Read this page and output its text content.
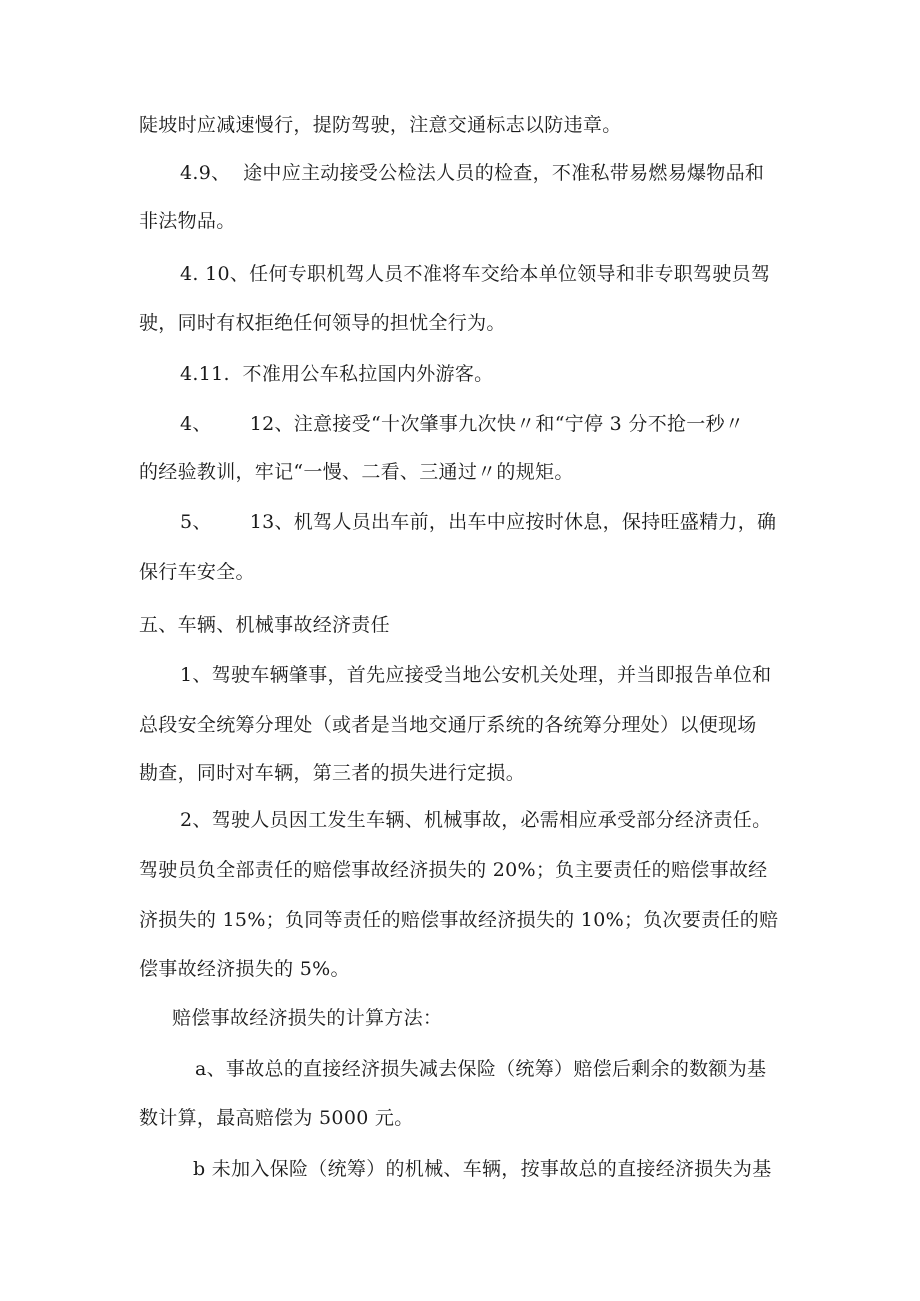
陡坡时应减速慢行，提防驾驶，注意交通标志以防违章。
4.9、  途中应主动接受公检法人员的检查，不准私带易燃易爆物品和
非法物品。
4. 10、任何专职机驾人员不准将车交给本单位领导和非专职驾驶员驾
驶，同时有权拒绝任何领导的担忧全行为。
4.11.  不准用公车私拉国内外游客。
4、      12、注意接受“十次肇事九次快〃和“宁停 3 分不抢一秒〃
的经验教训，牢记“一慢、二看、三通过〃的规矩。
5、      13、机驾人员出车前，出车中应按时休息，保持旺盛精力，确
保行车安全。
五、车辆、机械事故经济责任
1、驾驶车辆肇事，首先应接受当地公安机关处理，并当即报告单位和
总段安全统筹分理处（或者是当地交通厅系统的各统筹分理处）以便现场
勘查，同时对车辆，第三者的损失进行定损。
2、驾驶人员因工发生车辆、机械事故，必需相应承受部分经济责任。
驾驶员负全部责任的赔偿事故经济损失的 20%；负主要责任的赔偿事故经
济损失的 15%；负同等责任的赔偿事故经济损失的 10%；负次要责任的赔
偿事故经济损失的 5%。
赔偿事故经济损失的计算方法：
a、事故总的直接经济损失减去保险（统筹）赔偿后剩余的数额为基
数计算，最高赔偿为 5000 元。
b 未加入保险（统筹）的机械、车辆，按事故总的直接经济损失为基
